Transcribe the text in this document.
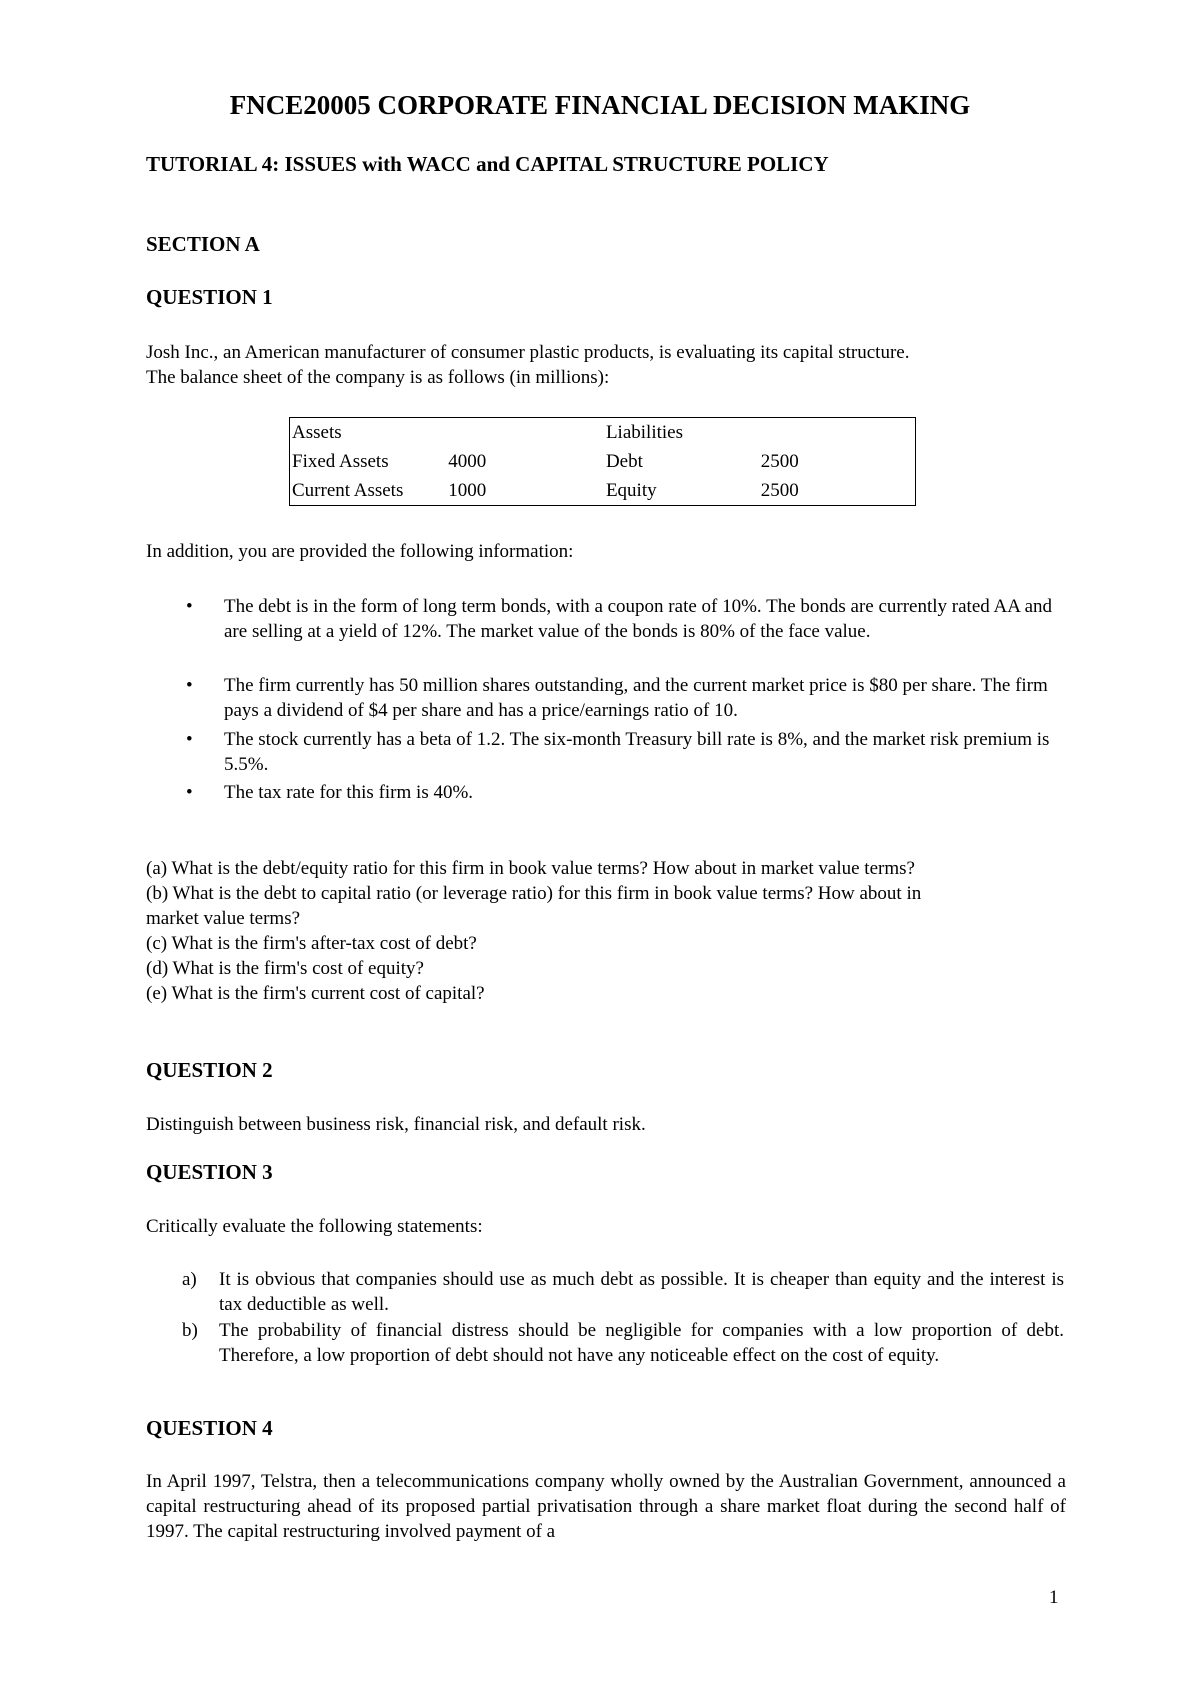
FNCE20005 CORPORATE FINANCIAL DECISION MAKING
TUTORIAL 4: ISSUES with WACC and CAPITAL STRUCTURE POLICY
SECTION A
QUESTION 1
Josh Inc., an American manufacturer of consumer plastic products, is evaluating its capital structure.
The balance sheet of the company is as follows (in millions):
Assets		Liabilities	
Fixed Assets	4000	Debt	2500
Current Assets	1000	Equity	2500
In addition, you are provided the following information:
• The debt is in the form of long term bonds, with a coupon rate of 10%. The bonds are currently rated AA and are selling at a yield of 12%. The market value of the bonds is 80% of the face value.
• The firm currently has 50 million shares outstanding, and the current market price is $80 per share. The firm pays a dividend of $4 per share and has a price/earnings ratio of 10.
• The stock currently has a beta of 1.2. The six-month Treasury bill rate is 8%, and the market risk premium is 5.5%.
• The tax rate for this firm is 40%.
(a) What is the debt/equity ratio for this firm in book value terms? How about in market value terms?
(b) What is the debt to capital ratio (or leverage ratio) for this firm in book value terms? How about in
market value terms?
(c) What is the firm's after-tax cost of debt?
(d) What is the firm's cost of equity?
(e) What is the firm's current cost of capital?
QUESTION 2
Distinguish between business risk, financial risk, and default risk.
QUESTION 3
Critically evaluate the following statements:
a) It is obvious that companies should use as much debt as possible. It is cheaper than equity and the interest is tax deductible as well.
b) The probability of financial distress should be negligible for companies with a low proportion of debt. Therefore, a low proportion of debt should not have any noticeable effect on the cost of equity.
QUESTION 4
In April 1997, Telstra, then a telecommunications company wholly owned by the Australian Government, announced a capital restructuring ahead of its proposed partial privatisation through a share market float during the second half of 1997. The capital restructuring involved payment of a
1
